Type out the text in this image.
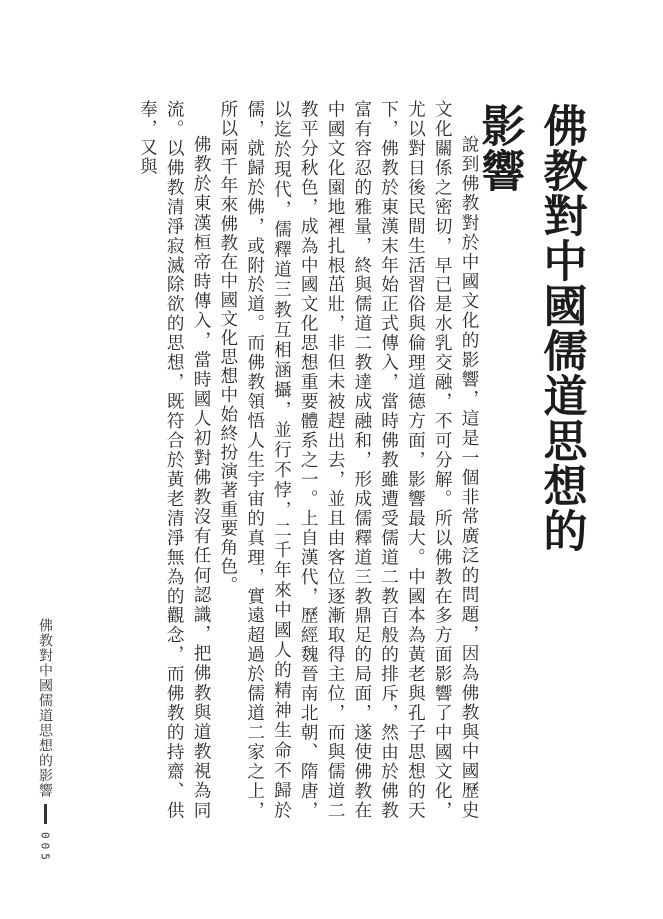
佛教對中國儒道思想的影響

說到佛教對於中國文化的影響，這是一個非常廣泛的問題，因為佛教與中國歷史文化關係之密切，早已是水乳交融，不可分解。所以佛教在多方面影響了中國文化，尤以對日後民間生活習俗與倫理道德方面，影響最大。中國本為黃老與孔子思想的天下，佛教於東漢末年始正式傳入，當時佛教雖遭受儒道二教百般的排斥，然由於佛教富有容忍的雅量，終與儒道二教達成融和，形成儒釋道三教鼎足的局面，遂使佛教在中國文化園地裡扎根茁壯，非但未被趕出去，並且由客位逐漸取得主位，而與儒道二教平分秋色，成為中國文化思想重要體系之一。上自漢代，歷經魏晉南北朝、隋唐，以迄於現代，儒釋道三教互相涵攝，並行不悖，二千年來中國人的精神生命不歸於儒，就歸於佛，或附於道。而佛教領悟人生宇宙的真理，實遠超過於儒道二家之上，所以兩千年來佛教在中國文化思想中始終扮演著重要角色。

佛教於東漢桓帝時傳入，當時國人初對佛教沒有任何認識，把佛教與道教視為同流。以佛教清淨寂滅除欲的思想，既符合於黃老清淨無為的觀念，而佛教的持齋、供奉，又與

佛教對中國儒道思想的影響
005
